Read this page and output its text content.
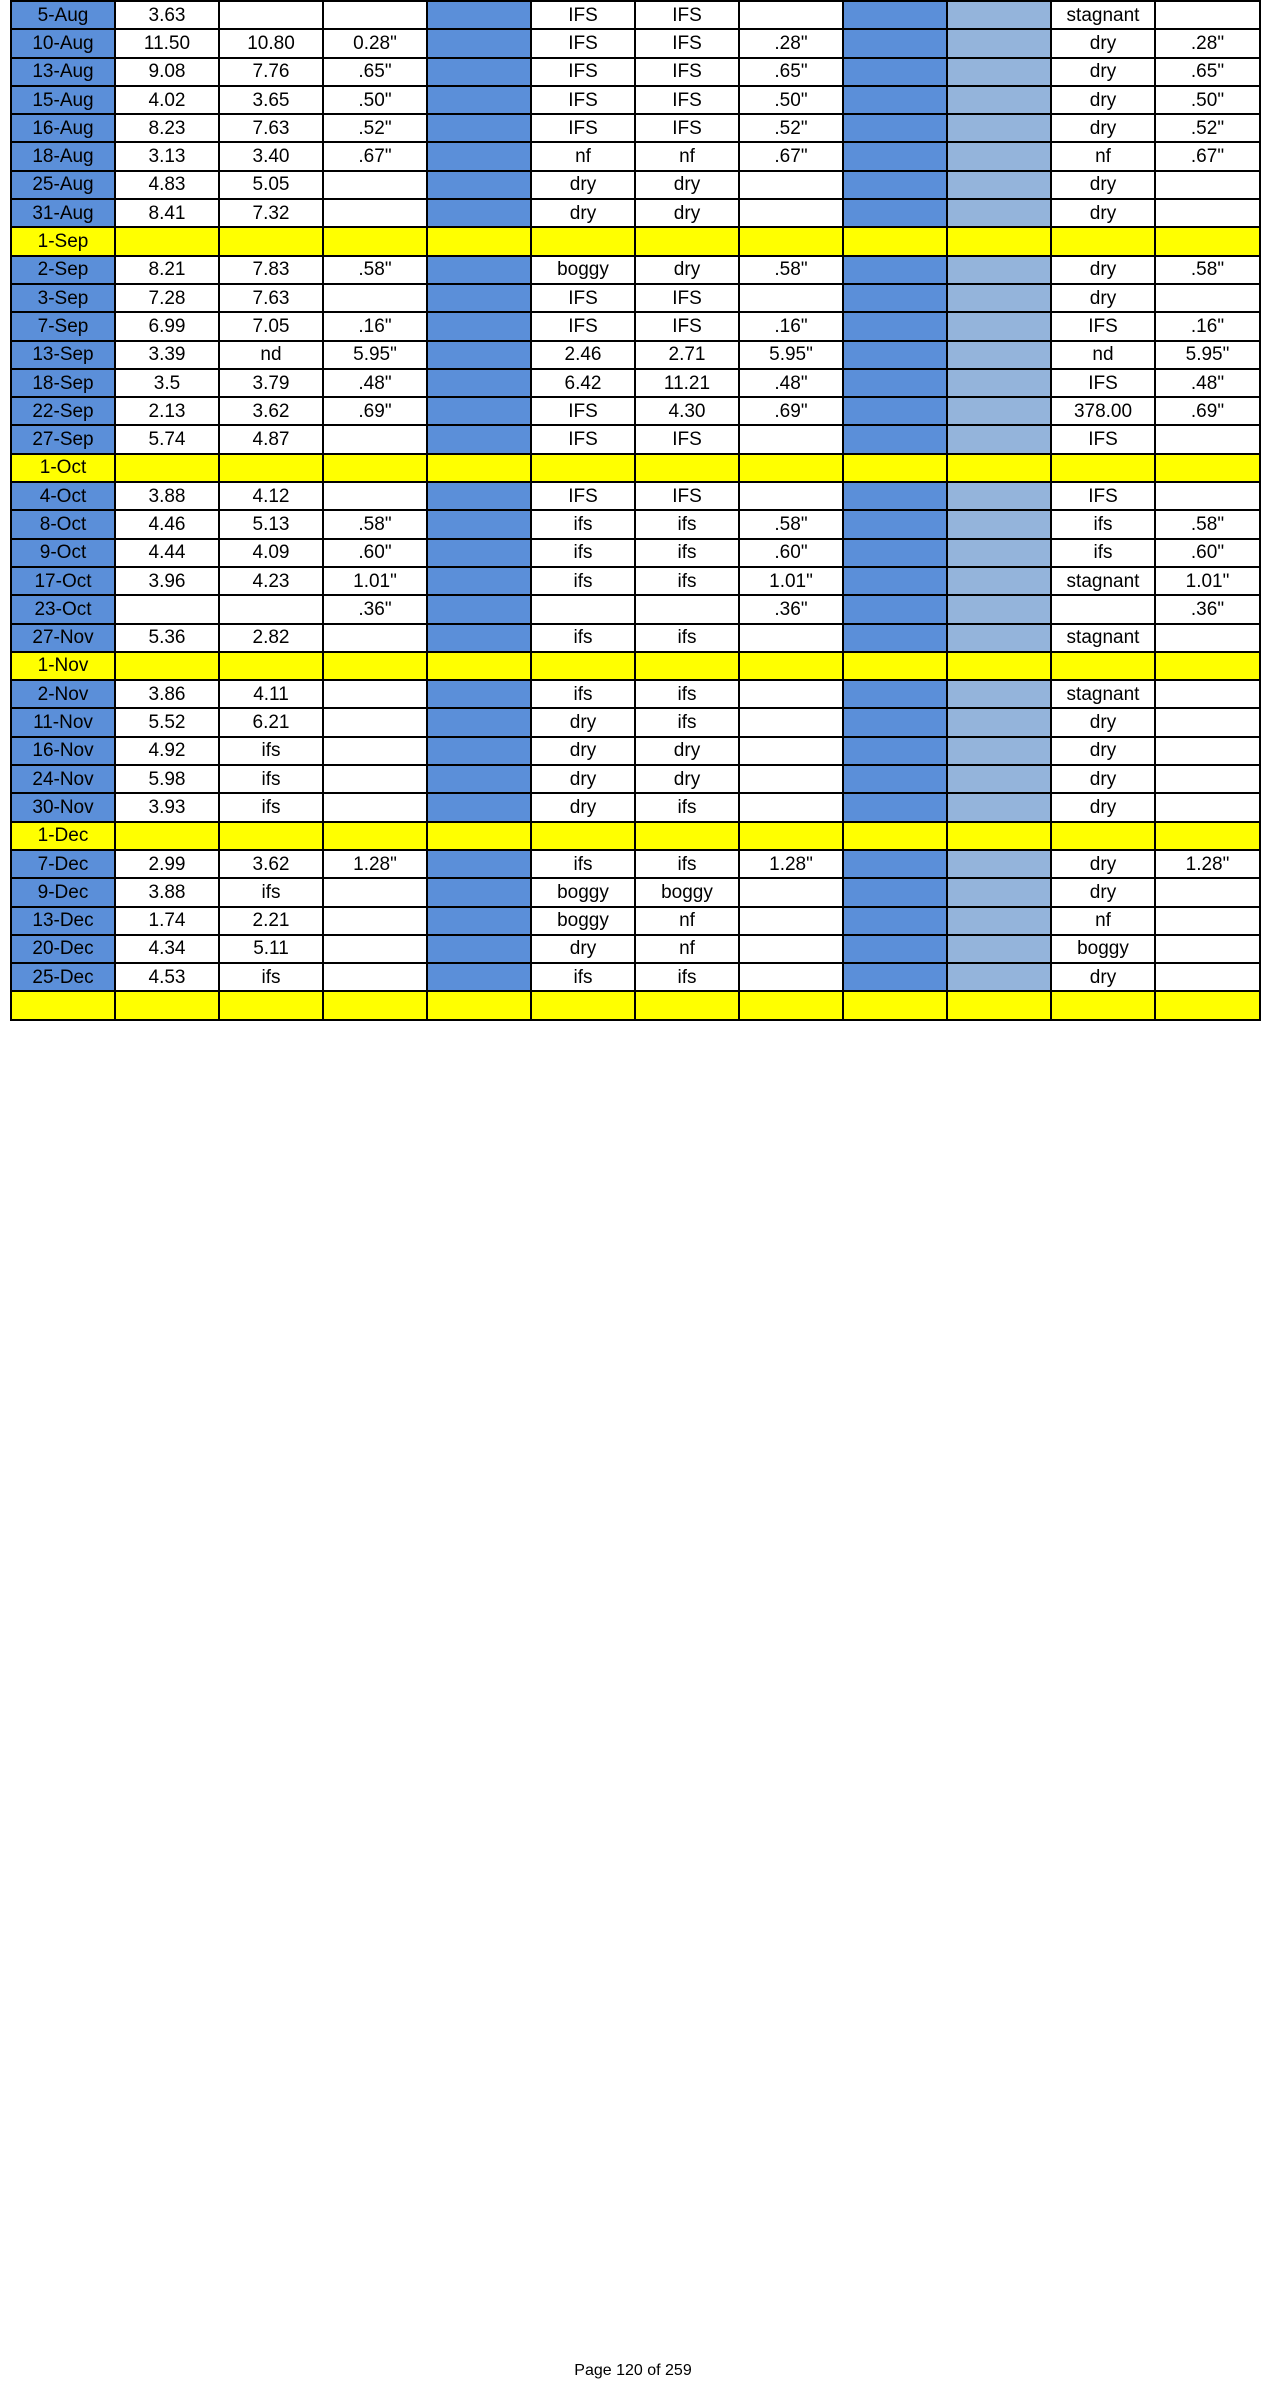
5-Aug	3.63				IFS	IFS				stagnant	
10-Aug	11.50	10.80	0.28"		IFS	IFS	.28"			dry	.28"
13-Aug	9.08	7.76	.65"		IFS	IFS	.65"			dry	.65"
15-Aug	4.02	3.65	.50"		IFS	IFS	.50"			dry	.50"
16-Aug	8.23	7.63	.52"		IFS	IFS	.52"			dry	.52"
18-Aug	3.13	3.40	.67"		nf	nf	.67"			nf	.67"
25-Aug	4.83	5.05			dry	dry				dry	
31-Aug	8.41	7.32			dry	dry				dry	
1-Sep											
2-Sep	8.21	7.83	.58"		boggy	dry	.58"			dry	.58"
3-Sep	7.28	7.63			IFS	IFS				dry	
7-Sep	6.99	7.05	.16"		IFS	IFS	.16"			IFS	.16"
13-Sep	3.39	nd	5.95"		2.46	2.71	5.95"			nd	5.95"
18-Sep	3.5	3.79	.48"		6.42	11.21	.48"			IFS	.48"
22-Sep	2.13	3.62	.69"		IFS	4.30	.69"			378.00	.69"
27-Sep	5.74	4.87			IFS	IFS				IFS	
1-Oct											
4-Oct	3.88	4.12			IFS	IFS				IFS	
8-Oct	4.46	5.13	.58"		ifs	ifs	.58"			ifs	.58"
9-Oct	4.44	4.09	.60"		ifs	ifs	.60"			ifs	.60"
17-Oct	3.96	4.23	1.01"		ifs	ifs	1.01"			stagnant	1.01"
23-Oct			.36"				.36"				.36"
27-Nov	5.36	2.82			ifs	ifs				stagnant	
1-Nov											
2-Nov	3.86	4.11			ifs	ifs				stagnant	
11-Nov	5.52	6.21			dry	ifs				dry	
16-Nov	4.92	ifs			dry	dry				dry	
24-Nov	5.98	ifs			dry	dry				dry	
30-Nov	3.93	ifs			dry	ifs				dry	
1-Dec											
7-Dec	2.99	3.62	1.28"		ifs	ifs	1.28"			dry	1.28"
9-Dec	3.88	ifs			boggy	boggy				dry	
13-Dec	1.74	2.21			boggy	nf				nf	
20-Dec	4.34	5.11			dry	nf				boggy	
25-Dec	4.53	ifs			ifs	ifs				dry	

Page 120 of 259
